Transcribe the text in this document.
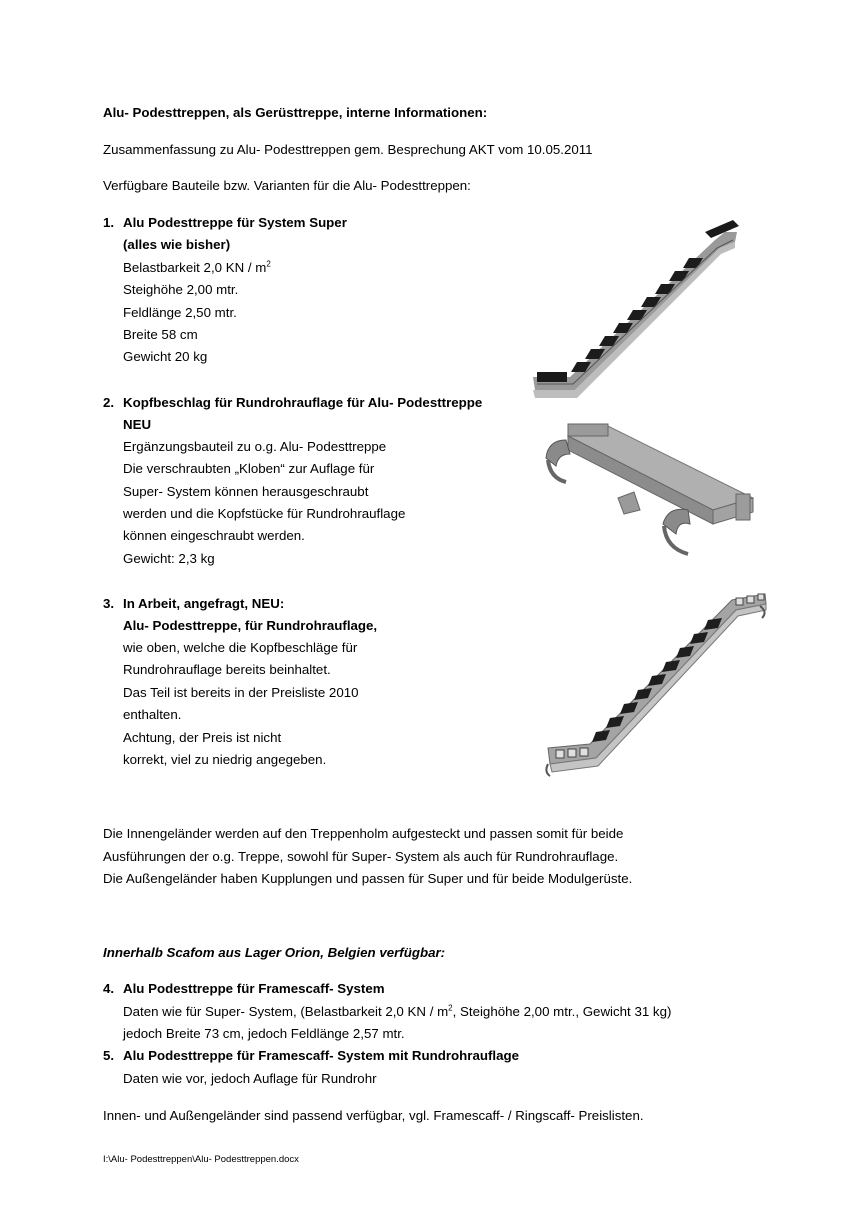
Alu- Podesttreppen, als Gerüsttreppe, interne Informationen:
Zusammenfassung zu Alu- Podesttreppen gem. Besprechung AKT vom 10.05.2011
Verfügbare Bauteile bzw. Varianten für die Alu- Podesttreppen:
1. Alu Podesttreppe für System Super
(alles wie bisher)
Belastbarkeit 2,0 KN / $m^2$
Steighöhe 2,00 mtr.
Feldlänge 2,50 mtr.
Breite 58 cm
Gewicht 20 kg
2. Kopfbeschlag für Rundrohrauflage für Alu- Podesttreppe
NEU
Ergänzungsbauteil zu o.g. Alu- Podesttreppe
Die verschraubten „Kloben“ zur Auflage für
Super- System können herausgeschraubt
werden und die Kopfstücke für Rundrohrauflage
können eingeschraubt werden.
Gewicht: 2,3 kg
3. In Arbeit, angefragt, NEU:
Alu- Podesttreppe, für Rundrohrauflage,
wie oben, welche die Kopfbeschläge für
Rundrohrauflage bereits beinhaltet.
Das Teil ist bereits in der Preisliste 2010
enthalten.
Achtung, der Preis ist nicht
korrekt, viel zu niedrig angegeben.
Die Innengeländer werden auf den Treppenholm aufgesteckt und passen somit für beide
Ausführungen der o.g. Treppe, sowohl für Super- System als auch für Rundrohrauflage.
Die Außengeländer haben Kupplungen und passen für Super und für beide Modulgerüste.
Innerhalb Scafom aus Lager Orion, Belgien verfügbar:
4. Alu Podesttreppe für Framescaff- System
Daten wie für Super- System, (Belastbarkeit 2,0 KN / $m^2$, Steighöhe 2,00 mtr., Gewicht 31 kg)
jedoch Breite 73 cm, jedoch Feldlänge 2,57 mtr.
5. Alu Podesttreppe für Framescaff- System mit Rundrohrauflage
Daten wie vor, jedoch Auflage für Rundrohr
Innen- und Außengeländer sind passend verfügbar, vgl. Framescaff- / Ringscaff- Preislisten.
I:\Alu- Podesttreppen\Alu- Podesttreppen.docx
